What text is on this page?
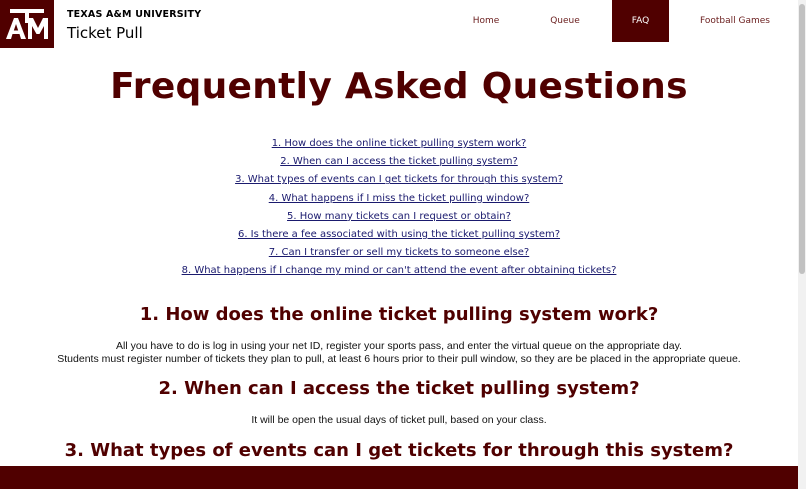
TEXAS A&M UNIVERSITY
Ticket Pull
Home	Queue	FAQ	Football Games
Frequently Asked Questions
1. How does the online ticket pulling system work?
2. When can I access the ticket pulling system?
3. What types of events can I get tickets for through this system?
4. What happens if I miss the ticket pulling window?
5. How many tickets can I request or obtain?
6. Is there a fee associated with using the ticket pulling system?
7. Can I transfer or sell my tickets to someone else?
8. What happens if I change my mind or can't attend the event after obtaining tickets?
1. How does the online ticket pulling system work?
All you have to do is log in using your net ID, register your sports pass, and enter the virtual queue on the appropriate day.
Students must register number of tickets they plan to pull, at least 6 hours prior to their pull window, so they are be placed in the appropriate queue.
2. When can I access the ticket pulling system?
It will be open the usual days of ticket pull, based on your class.
3. What types of events can I get tickets for through this system?
